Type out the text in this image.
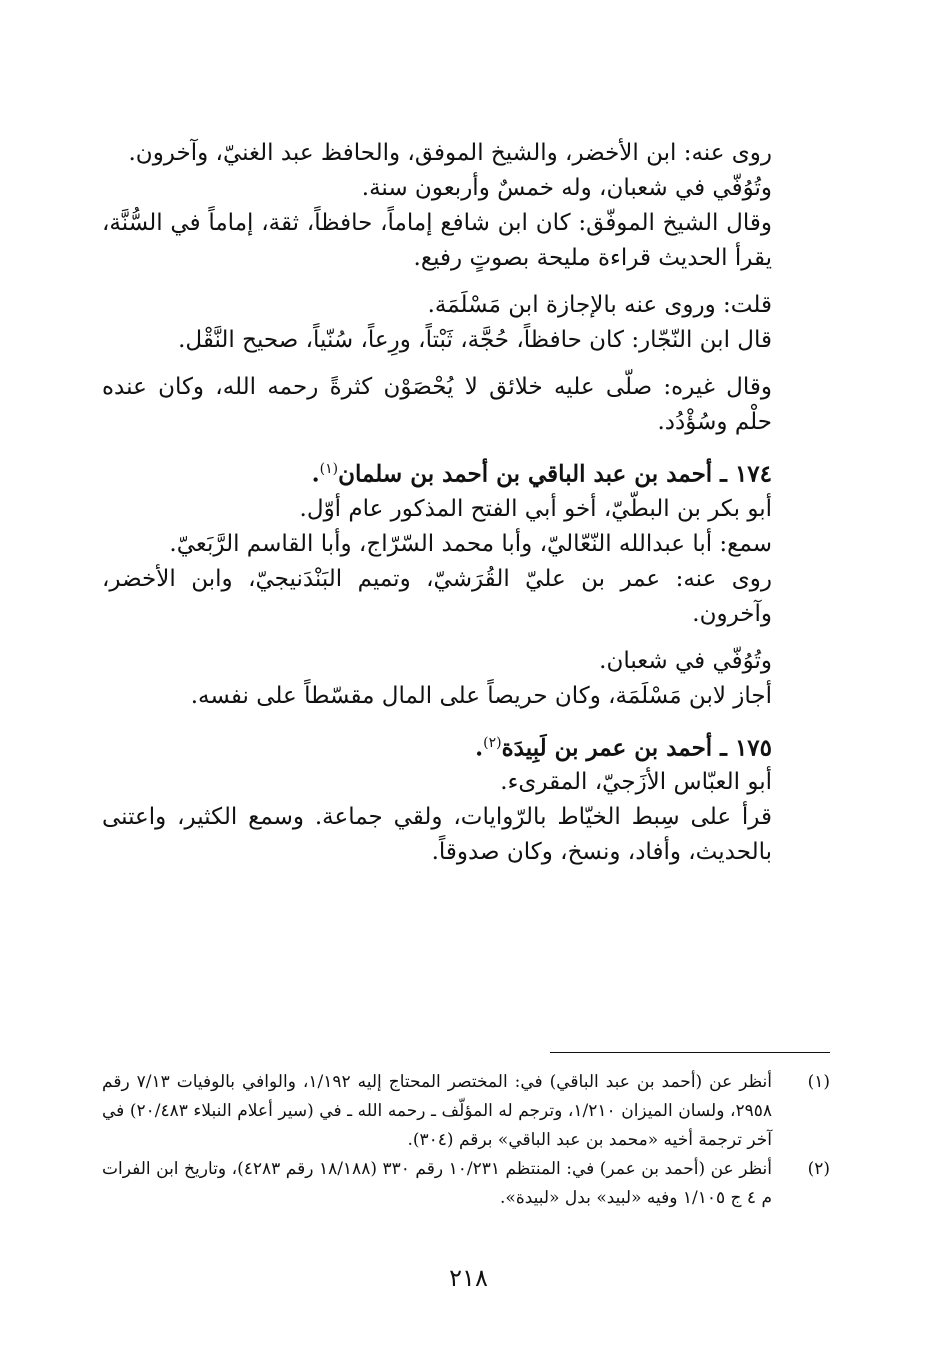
روى عنه: ابن الأخضر، والشيخ الموفق، والحافظ عبد الغنيّ، وآخرون.

وتُوُفّي في شعبان، وله خمسٌ وأربعون سنة.

وقال الشيخ الموفّق: كان ابن شافع إماماً، حافظاً، ثقة، إماماً في السُّنَّة، يقرأ الحديث قراءة مليحة بصوتٍ رفيع.

قلت: وروى عنه بالإجازة ابن مَسْلَمَة.

قال ابن النّجّار: كان حافظاً، حُجَّة، ثَبْتاً، ورِعاً، سُنّياً، صحيح النَّقْل.

وقال غيره: صلّى عليه خلائق لا يُحْصَوْن كثرةً رحمه الله، وكان عنده حلْم وسُؤْدُد.

١٧٤ ـ أحمد بن عبد الباقي بن أحمد بن سلمان$^{(١)}$.

أبو بكر بن البطّيّ، أخو أبي الفتح المذكور عام أوّل.

سمع: أبا عبدالله النّعّاليّ، وأبا محمد السّرّاج، وأبا القاسم الرَّبَعيّ.

روى عنه: عمر بن عليّ القُرَشيّ، وتميم البَنْدَنيجيّ، وابن الأخضر، وآخرون.

وتُوُفّي في شعبان.

أجاز لابن مَسْلَمَة، وكان حريصاً على المال مقسّطاً على نفسه.

١٧٥ ـ أحمد بن عمر بن لَبِيدَة$^{(٢)}$.

أبو العبّاس الأزَجيّ، المقرىء.

قرأ على سِبط الخيّاط بالرّوايات، ولقي جماعة. وسمع الكثير، واعتنى بالحديث، وأفاد، ونسخ، وكان صدوقاً.

(١)
أنظر عن (أحمد بن عبد الباقي) في: المختصر المحتاج إليه ١/١٩٢، والوافي بالوفيات ٧/١٣ رقم ٢٩٥٨، ولسان الميزان ١/٢١٠، وترجم له المؤلّف ـ رحمه الله ـ في (سير أعلام النبلاء ٢٠/٤٨٣) في آخر ترجمة أخيه «محمد بن عبد الباقي» برقم (٣٠٤).
(٢)
أنظر عن (أحمد بن عمر) في: المنتظم ١٠/٢٣١ رقم ٣٣٠ (١٨/١٨٨ رقم ٤٢٨٣)، وتاريخ ابن الفرات م ٤ ج ١/١٠٥ وفيه «لبيد» بدل «لبيدة».
٢١٨
